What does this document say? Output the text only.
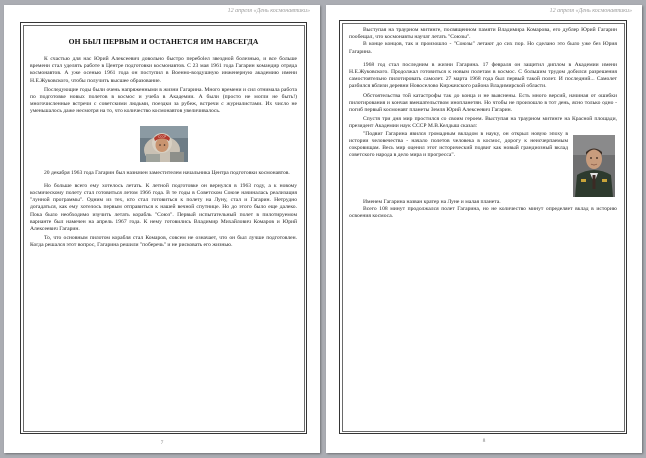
12 апреля «День космонавтики»
ОН БЫЛ ПЕРВЫМ И ОСТАНЕТСЯ ИМ НАВСЕГДА

К счастью для нас Юрий Алексеевич довольно быстро перебolел звездной болезнью, и все больше времени стал уделять работе в Центре подготовки космонавтов. С 23 мая 1961 года Гагарин командир отряда космонавтов. А уже осенью 1961 года он поступил в Военно-воздушную инженерную академию имени Н.Е.Жуковского, чтобы получить высшее образование.

Последующие годы были очень напряженными в жизни Гагарина. Много времени и сил отнимала работа по подготовке новых полетов в космос и учеба в Академии. А были (просто не могли не быть!) многочисленные встречи с советскими людьми, поездки за рубеж, встречи с журналистами. Их число не уменьшалось даже несмотря на то, что количество космонавтов увеличивалось.

СССР

20 декабря 1963 года Гагарин был назначен заместителем начальника Центра подготовки космонавтов.

Но больше всего ему хотелось летать. К летной подготовке он вернулся в 1963 году, а к новому космическому полету стал готовиться летом 1966 года. В те годы в Советском Союзе начиналась реализация "лунной программы". Одним из тех, кто стал готовиться к полету на Луну, стал и Гагарин. Нетрудно догадаться, как ему хотелось первым отправиться к нашей вечной спутнице. Но до этого было еще далеко. Пока было необходимо изучить летать корабль "Союз". Первый испытательный полет в пилотируемом варианте был намечен на апрель 1967 года. К нему готовились Владимир Михайлович Комаров и Юрий Алексеевич Гагарин.

То, что основным пилотом корабля стал Комаров, совсем не означает, что он был лучше подготовлен. Когда решался этот вопрос, Гагарина решили "поберечь" и не рисковать его жизнью.

7
12 апреля «День космонавтики»

Выступая на траурном митинге, посвященном памяти Владимира Комарова, его дублер Юрий Гагарин пообещал, что космонавты научат летать "Союзы".

В конце концов, так и произошло - "Союзы" летают до сих пор. Но сделано это было уже без Юрия Гагарина.

1968 год стал последним в жизни Гагарина. 17 февраля он защитил диплом в Академии имени Н.Е.Жуковского. Продолжал готовиться к новым полетам в космос. С большим трудом добился разрешения самостоятельно пилотировать самолет. 27 марта 1968 года был первый такой полет. И последний... Самолет разбился вблизи деревни Новоселово Киржачского района Владимирской области.

Обстоятельства той катастрофы так до конца и не выяснены. Есть много версий, начиная от ошибки пилотирования и кончая вмешательством инопланетян. Но чтобы не произошло в тот день, ясно только одно - погиб первый космонавт планеты Земля Юрий Алексеевич Гагарин.

Спустя три дня мир простился со своим героем. Выступая на траурном митинге на Красной площади, президент Академии наук СССР М.В.Келдыш сказал:

"Подвиг Гагарина явился громадным вкладом в науку, он открыл новую эпоху в истории человечества - начало полетов человека в космос, дорогу к неисчерпаемым сокровищам. Весь мир оценил этот исторический подвиг как новый грандиозный вклад советского народа в дело мира и прогресса".

Именем Гагарина назван кратер на Луне и малая планета.

Всего 108 минут продолжался полет Гагарина, но не количество минут определяет вклад в историю освоения космоса.

8
